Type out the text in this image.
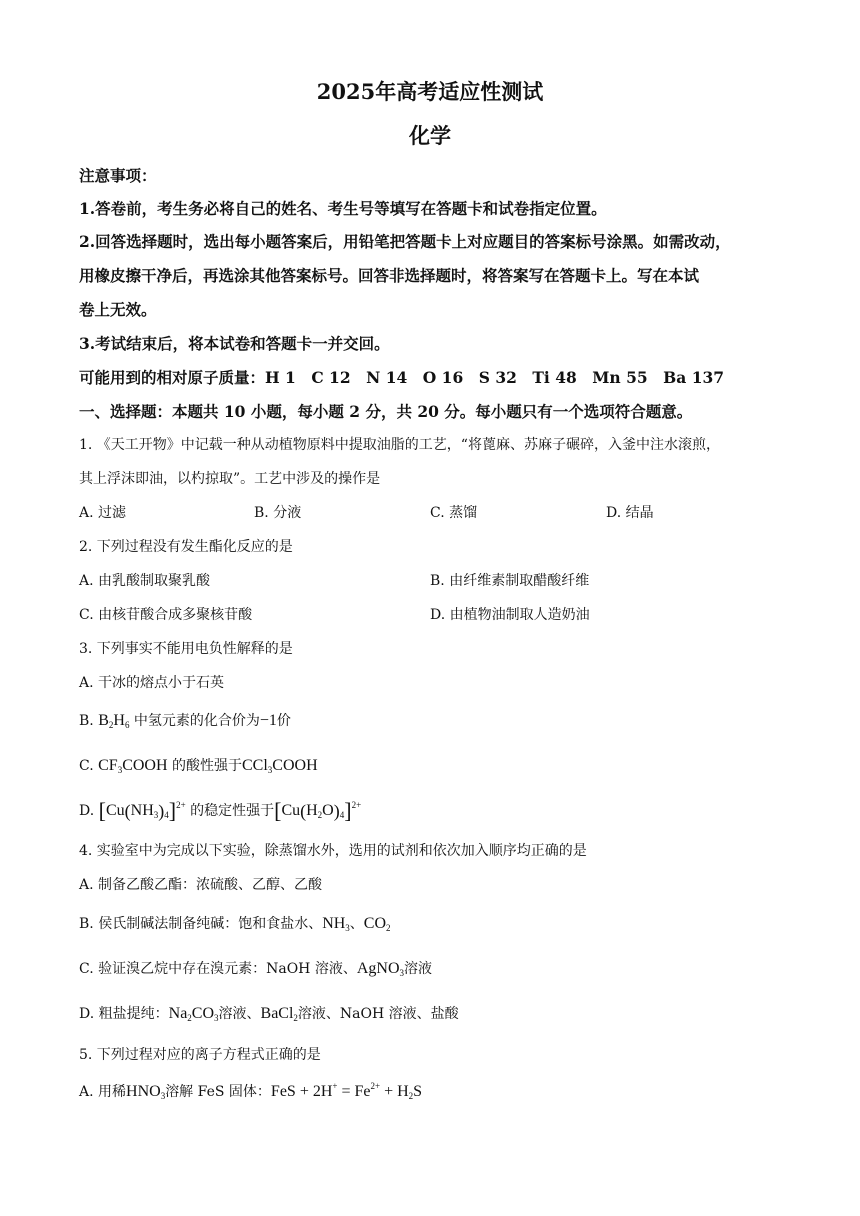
2025年高考适应性测试
化学
注意事项：
1.答卷前，考生务必将自己的姓名、考生号等填写在答题卡和试卷指定位置。
2.回答选择题时，选出每小题答案后，用铅笔把答题卡上对应题目的答案标号涂黑。如需改动，
用橡皮擦干净后，再选涂其他答案标号。回答非选择题时，将答案写在答题卡上。写在本试
卷上无效。
3.考试结束后，将本试卷和答题卡一并交回。
可能用到的相对原子质量：H 1　C 12　N 14　O 16　S 32　Ti 48　Mn 55　Ba 137
一、选择题：本题共 10 小题，每小题 2 分，共 20 分。每小题只有一个选项符合题意。
1. 《天工开物》中记载一种从动植物原料中提取油脂的工艺，“将蓖麻、苏麻子碾碎，入釜中注水滚煎，
其上浮沫即油，以杓掠取”。工艺中涉及的操作是
A. 过滤	B. 分液	C. 蒸馏	D. 结晶
2. 下列过程没有发生酯化反应的是
A. 由乳酸制取聚乳酸	B. 由纤维素制取醋酸纤维
C. 由核苷酸合成多聚核苷酸	D. 由植物油制取人造奶油
3. 下列事实不能用电负性解释的是
A. 干冰的熔点小于石英
B. $B_2H_6$ 中氢元素的化合价为−1价
C. $CF_3COOH$ 的酸性强于CCl$_3$COOH
D. $[Cu(NH_3)_4]^{2+}$ 的稳定性强于$[Cu(H_2O)_4]^{2+}$
4. 实验室中为完成以下实验，除蒸馏水外，选用的试剂和依次加入顺序均正确的是
A. 制备乙酸乙酯：浓硫酸、乙醇、乙酸
B. 侯氏制碱法制备纯碱：饱和食盐水、$NH_3$、$CO_2$
C. 验证溴乙烷中存在溴元素：NaOH 溶液、AgNO$_3$溶液
D. 粗盐提纯：$Na_2CO_3$溶液、BaCl$_2$溶液、NaOH 溶液、盐酸
5. 下列过程对应的离子方程式正确的是
A. 用稀$HNO_3$溶解 FeS 固体：FeS + $2H^+ = Fe^{2+} + H_2S$
